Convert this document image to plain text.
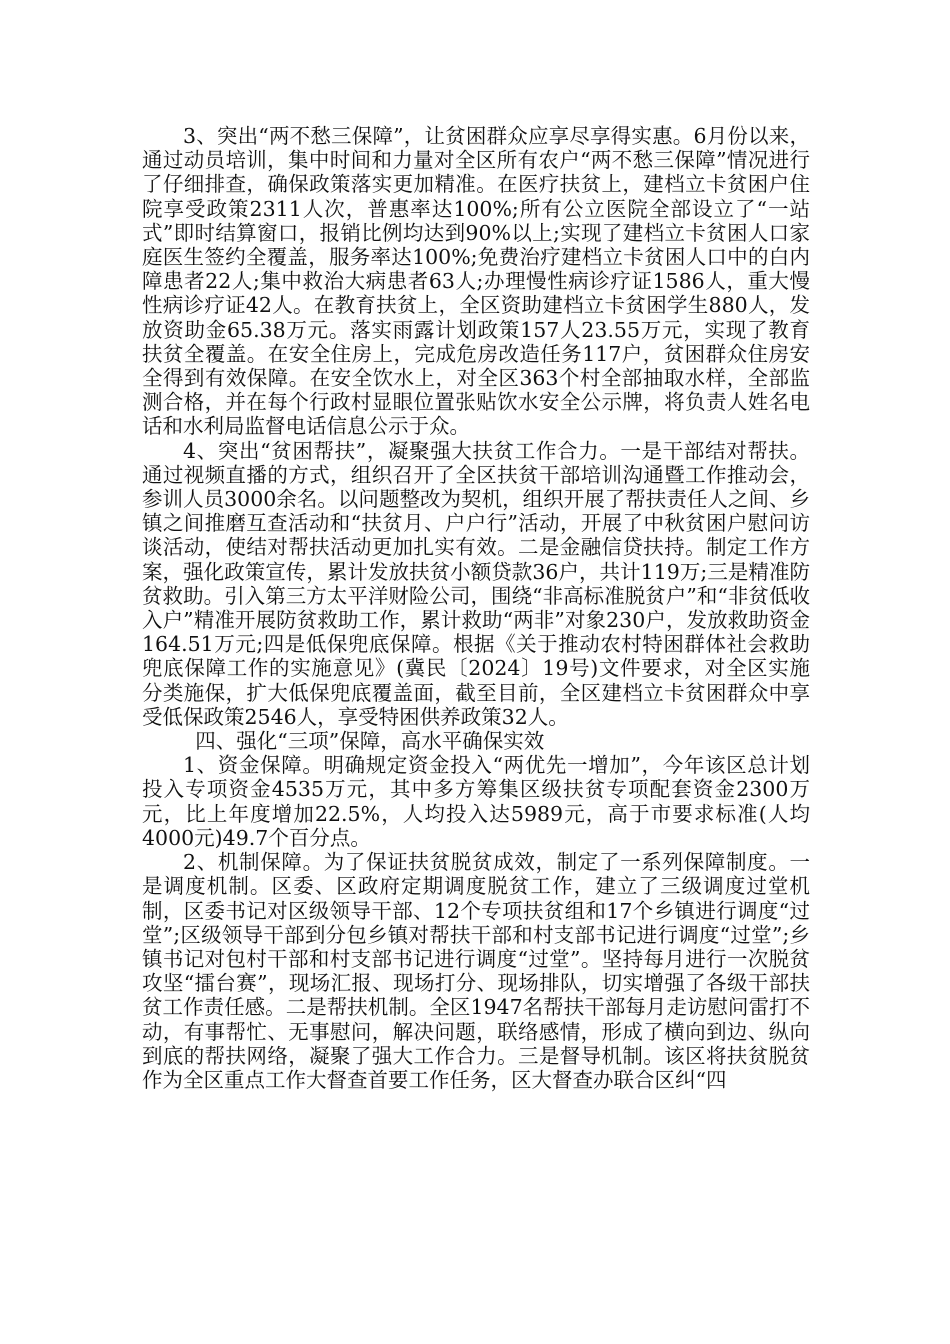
3、突出“两不愁三保障”，让贫困群众应享尽享得实惠。6月份以来，通过动员培训，集中时间和力量对全区所有农户“两不愁三保障”情况进行了仔细排查，确保政策落实更加精准。在医疗扶贫上，建档立卡贫困户住院享受政策2311人次，普惠率达100%;所有公立医院全部设立了“一站式”即时结算窗口，报销比例均达到90%以上;实现了建档立卡贫困人口家庭医生签约全覆盖，服务率达100%;免费治疗建档立卡贫困人口中的白内障患者22人;集中救治大病患者63人;办理慢性病诊疗证1586人，重大慢性病诊疗证42人。在教育扶贫上，全区资助建档立卡贫困学生880人，发放资助金65.38万元。落实雨露计划政策157人23.55万元，实现了教育扶贫全覆盖。在安全住房上，完成危房改造任务117户，贫困群众住房安全得到有效保障。在安全饮水上，对全区363个村全部抽取水样，全部监测合格，并在每个行政村显眼位置张贴饮水安全公示牌，将负责人姓名电话和水利局监督电话信息公示于众。

4、突出“贫困帮扶”，凝聚强大扶贫工作合力。一是干部结对帮扶。通过视频直播的方式，组织召开了全区扶贫干部培训沟通暨工作推动会，参训人员3000余名。以问题整改为契机，组织开展了帮扶责任人之间、乡镇之间推磨互查活动和“扶贫月、户户行”活动，开展了中秋贫困户慰问访谈活动，使结对帮扶活动更加扎实有效。二是金融信贷扶持。制定工作方案，强化政策宣传，累计发放扶贫小额贷款36户，共计119万;三是精准防贫救助。引入第三方太平洋财险公司，围绕“非高标准脱贫户”和“非贫低收入户”精准开展防贫救助工作，累计救助“两非”对象230户，发放救助资金164.51万元;四是低保兜底保障。根据《关于推动农村特困群体社会救助兜底保障工作的实施意见》(冀民〔2024〕19号)文件要求，对全区实施分类施保，扩大低保兜底覆盖面，截至目前，全区建档立卡贫困群众中享受低保政策2546人，享受特困供养政策32人。

四、强化“三项”保障，高水平确保实效

1、资金保障。明确规定资金投入“两优先一增加”，今年该区总计划投入专项资金4535万元，其中多方筹集区级扶贫专项配套资金2300万元，比上年度增加22.5%，人均投入达5989元，高于市要求标准(人均4000元)49.7个百分点。

2、机制保障。为了保证扶贫脱贫成效，制定了一系列保障制度。一是调度机制。区委、区政府定期调度脱贫工作，建立了三级调度过堂机制，区委书记对区级领导干部、12个专项扶贫组和17个乡镇进行调度“过堂”;区级领导干部到分包乡镇对帮扶干部和村支部书记进行调度“过堂”;乡镇书记对包村干部和村支部书记进行调度“过堂”。坚持每月进行一次脱贫攻坚“擂台赛”，现场汇报、现场打分、现场排队，切实增强了各级干部扶贫工作责任感。二是帮扶机制。全区1947名帮扶干部每月走访慰问雷打不动，有事帮忙、无事慰问，解决问题，联络感情，形成了横向到边、纵向到底的帮扶网络，凝聚了强大工作合力。三是督导机制。该区将扶贫脱贫作为全区重点工作大督查首要工作任务，区大督查办联合区纠“四
